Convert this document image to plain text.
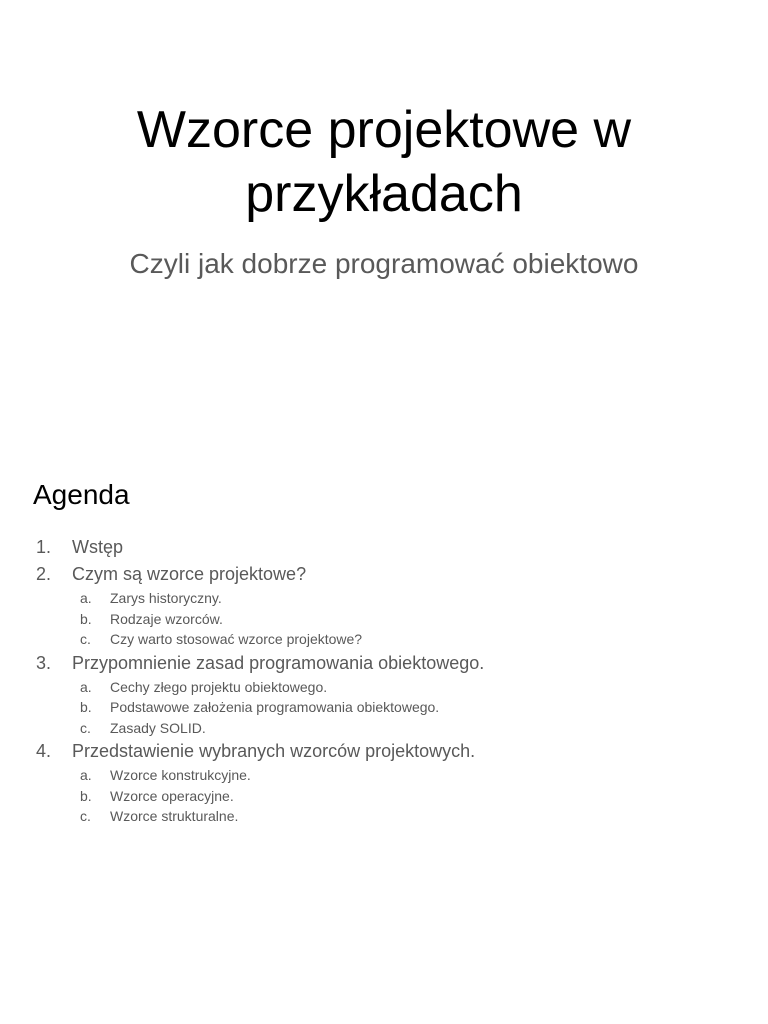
Wzorce projektowe w
przykładach
Czyli jak dobrze programować obiektowo
Agenda
1. Wstęp
2. Czym są wzorce projektowe?
a. Zarys historyczny.
b. Rodzaje wzorców.
c. Czy warto stosować wzorce projektowe?
3. Przypomnienie zasad programowania obiektowego.
a. Cechy złego projektu obiektowego.
b. Podstawowe założenia programowania obiektowego.
c. Zasady SOLID.
4. Przedstawienie wybranych wzorców projektowych.
a. Wzorce konstrukcyjne.
b. Wzorce operacyjne.
c. Wzorce strukturalne.
